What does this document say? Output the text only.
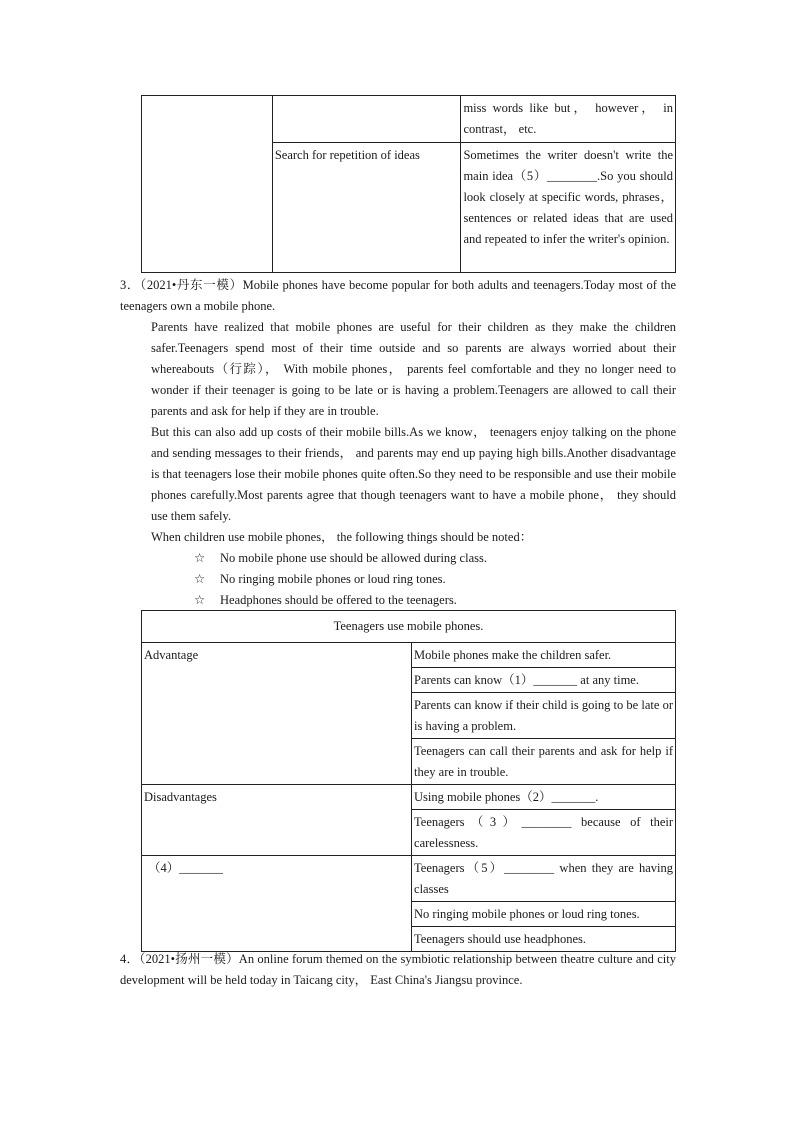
		miss words like but， however， in contrast， etc.
	Search for repetition of ideas	Sometimes the writer doesn't write the main idea（5）________.So you should look closely at specific words, phrases， sentences or related ideas that are used and repeated to infer the writer's opinion.
3．（2021•丹东一模）Mobile phones have become popular for both adults and teenagers.Today most of the teenagers own a mobile phone.
Parents have realized that mobile phones are useful for their children as they make the children safer.Teenagers spend most of their time outside and so parents are always worried about their whereabouts（行踪）， With mobile phones， parents feel comfortable and they no longer need to wonder if their teenager is going to be late or is having a problem.Teenagers are allowed to call their parents and ask for help if they are in trouble.
But this can also add up costs of their mobile bills.As we know， teenagers enjoy talking on the phone and sending messages to their friends， and parents may end up paying high bills.Another disadvantage is that teenagers lose their mobile phones quite often.So they need to be responsible and use their mobile phones carefully.Most parents agree that though teenagers want to have a mobile phone， they should use them safely.
When children use mobile phones， the following things should be noted：
☆ No mobile phone use should be allowed during class.
☆ No ringing mobile phones or loud ring tones.
☆ Headphones should be offered to the teenagers.
Teenagers use mobile phones.	
Advantage	Mobile phones make the children safer.
	Parents can know（1）_______ at any time.
	Parents can know if their child is going to be late or is having a problem.
	Teenagers can call their parents and ask for help if they are in trouble.
Disadvantages	Using mobile phones（2）_______.
	Teenagers（3）________ because of their carelessness.
（4）_______	Teenagers（5）________ when they are having classes
	No ringing mobile phones or loud ring tones.
	Teenagers should use headphones.
4．（2021•扬州一模）An online forum themed on the symbiotic relationship between theatre culture and city development will be held today in Taicang city， East China's Jiangsu province.
